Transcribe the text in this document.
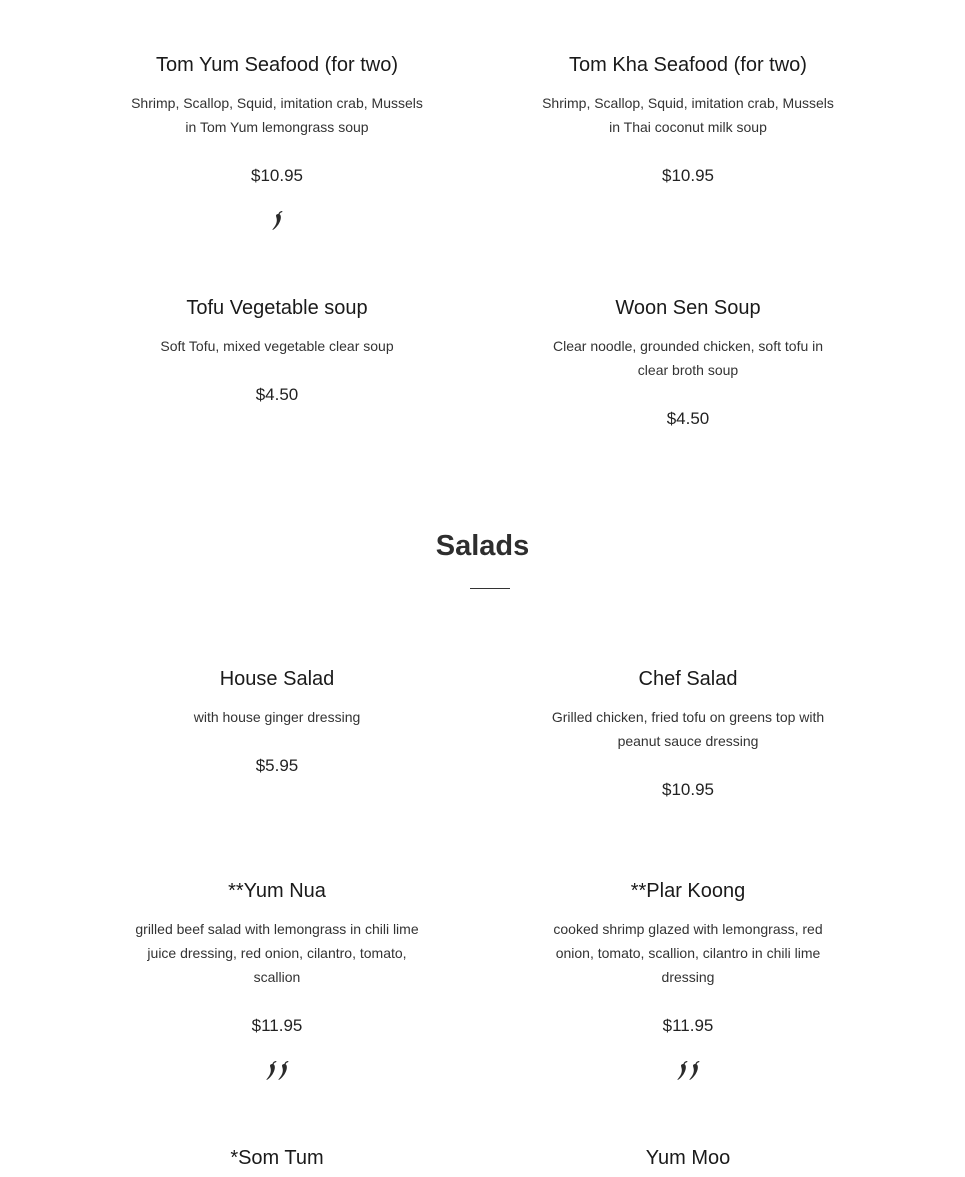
Tom Yum Seafood (for two)
Shrimp, Scallop, Squid, imitation crab, Mussels in Tom Yum lemongrass soup
$10.95
Tom Kha Seafood (for two)
Shrimp, Scallop, Squid, imitation crab, Mussels in Thai coconut milk soup
$10.95
Tofu Vegetable soup
Soft Tofu, mixed vegetable clear soup
$4.50
Woon Sen Soup
Clear noodle, grounded chicken, soft tofu in clear broth soup
$4.50
Salads
House Salad
with house ginger dressing
$5.95
Chef Salad
Grilled chicken, fried tofu on greens top with peanut sauce dressing
$10.95
**Yum Nua
grilled beef salad with lemongrass in chili lime juice dressing, red onion, cilantro, tomato, scallion
$11.95
**Plar Koong
cooked shrimp glazed with lemongrass, red onion, tomato, scallion, cilantro in chili lime dressing
$11.95
*Som Tum	Yum Moo
